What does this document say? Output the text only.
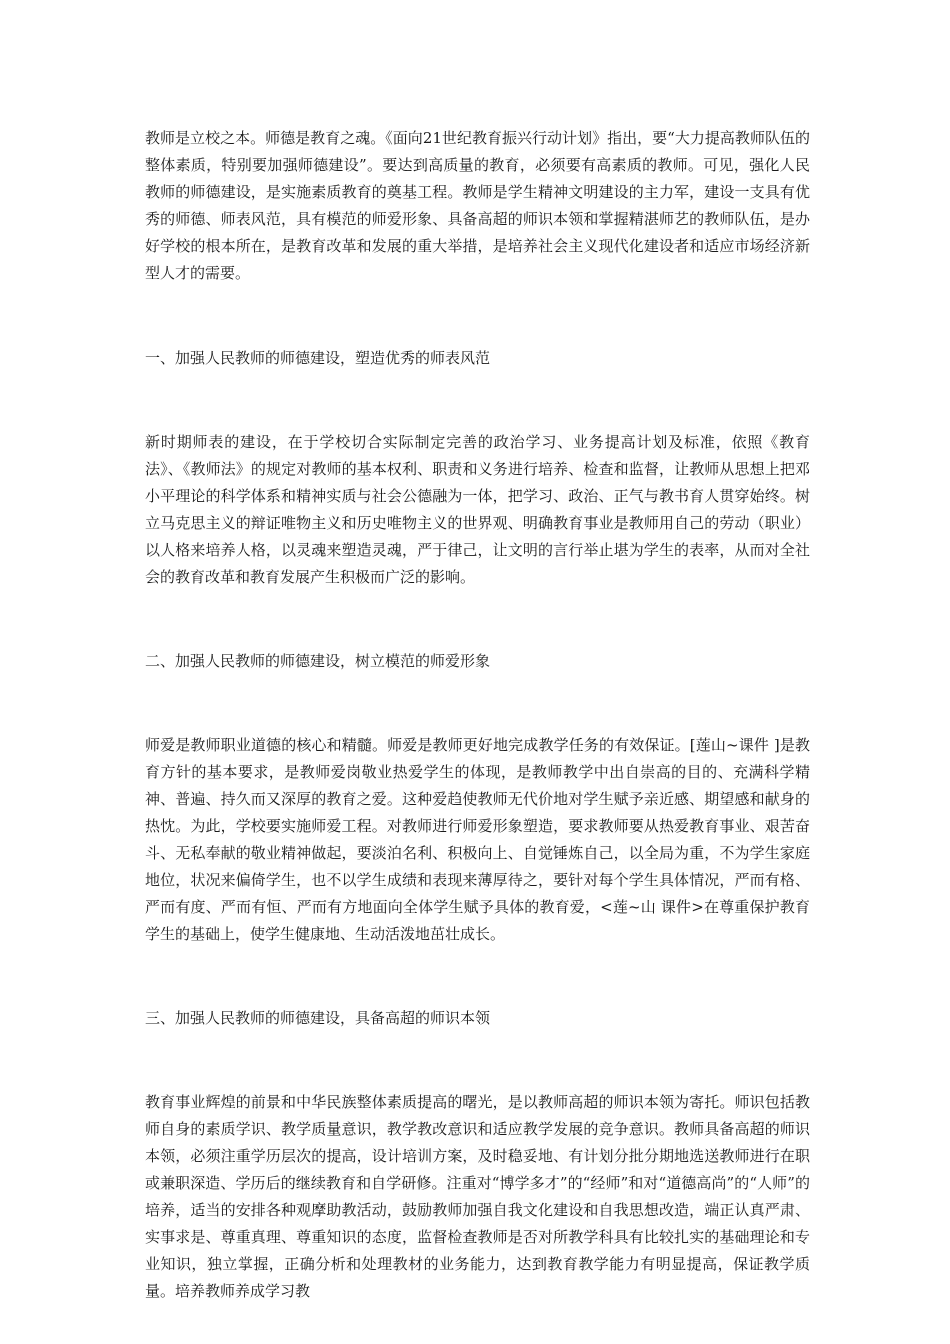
教师是立校之本。师德是教育之魂。《面向21世纪教育振兴行动计划》指出，要“大力提高教师队伍的整体素质，特别要加强师德建设”。要达到高质量的教育，必须要有高素质的教师。可见，强化人民教师的师德建设，是实施素质教育的奠基工程。教师是学生精神文明建设的主力军，建设一支具有优秀的师德、师表风范，具有模范的师爱形象、具备高超的师识本领和掌握精湛师艺的教师队伍，是办好学校的根本所在，是教育改革和发展的重大举措，是培养社会主义现代化建设者和适应市场经济新型人才的需要。

一、加强人民教师的师德建设，塑造优秀的师表风范

新时期师表的建设，在于学校切合实际制定完善的政治学习、业务提高计划及标准，依照《教育法》、《教师法》的规定对教师的基本权利、职责和义务进行培养、检查和监督，让教师从思想上把邓小平理论的科学体系和精神实质与社会公德融为一体，把学习、政治、正气与教书育人贯穿始终。树立马克思主义的辩证唯物主义和历史唯物主义的世界观、明确教育事业是教师用自己的劳动（职业）以人格来培养人格，以灵魂来塑造灵魂，严于律己，让文明的言行举止堪为学生的表率，从而对全社会的教育改革和教育发展产生积极而广泛的影响。

二、加强人民教师的师德建设，树立模范的师爱形象

师爱是教师职业道德的核心和精髓。师爱是教师更好地完成教学任务的有效保证。[莲山~课件 ]是教育方针的基本要求，是教师爱岗敬业热爱学生的体现，是教师教学中出自崇高的目的、充满科学精神、普遍、持久而又深厚的教育之爱。这种爱趋使教师无代价地对学生赋予亲近感、期望感和献身的热忱。为此，学校要实施师爱工程。对教师进行师爱形象塑造，要求教师要从热爱教育事业、艰苦奋斗、无私奉献的敬业精神做起，要淡泊名利、积极向上、自觉锤炼自己，以全局为重，不为学生家庭地位，状况来偏倚学生，也不以学生成绩和表现来薄厚待之，要针对每个学生具体情况，严而有格、严而有度、严而有恒、严而有方地面向全体学生赋予具体的教育爱，<莲~山 课件>在尊重保护教育学生的基础上，使学生健康地、生动活泼地茁壮成长。

三、加强人民教师的师德建设，具备高超的师识本领

教育事业辉煌的前景和中华民族整体素质提高的曙光，是以教师高超的师识本领为寄托。师识包括教师自身的素质学识、教学质量意识，教学教改意识和适应教学发展的竞争意识。教师具备高超的师识本领，必须注重学历层次的提高，设计培训方案，及时稳妥地、有计划分批分期地选送教师进行在职或兼职深造、学历后的继续教育和自学研修。注重对“博学多才”的“经师”和对“道德高尚”的“人师”的培养，适当的安排各种观摩助教活动，鼓励教师加强自我文化建设和自我思想改造，端正认真严肃、实事求是、尊重真理、尊重知识的态度，监督检查教师是否对所教学科具有比较扎实的基础理论和专业知识，独立掌握，正确分析和处理教材的业务能力，达到教育教学能力有明显提高，保证教学质量。培养教师养成学习教
